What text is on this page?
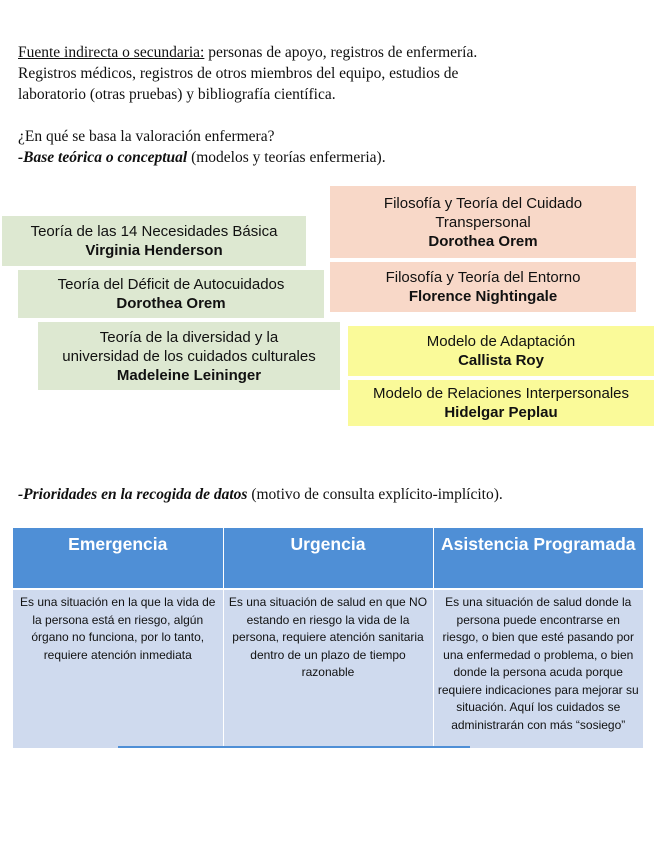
Fuente indirecta o secundaria: personas de apoyo, registros de enfermería.
Registros médicos, registros de otros miembros del equipo, estudios de
laboratorio (otras pruebas) y bibliografía científica.
¿En qué se basa la valoración enfermera?
-Base teórica o conceptual (modelos y teorías enfermeria).
Teoría de las 14 Necesidades Básica
Virginia Henderson
Teoría del Déficit de Autocuidados
Dorothea Orem
Teoría de la diversidad y la
universidad de los cuidados culturales
Madeleine Leininger
Filosofía y Teoría del Cuidado
Transpersonal
Dorothea Orem
Filosofía y Teoría del Entorno
Florence Nightingale
Modelo de Adaptación
Callista Roy
Modelo de Relaciones Interpersonales
Hidelgar Peplau
-Prioridades en la recogida de datos (motivo de consulta explícito-implícito).
Emergencia	Urgencia	Asistencia Programada
Es una situación en la que la vida de la persona está en riesgo, algún órgano no funciona, por lo tanto, requiere atención inmediata	Es una situación de salud en que NO estando en riesgo la vida de la persona, requiere atención sanitaria dentro de un plazo de tiempo razonable	Es una situación de salud donde la persona puede encontrarse en riesgo, o bien que esté pasando por una enfermedad o problema, o bien donde la persona acuda porque requiere indicaciones para mejorar su situación. Aquí los cuidados se administrarán con más “sosiego”
